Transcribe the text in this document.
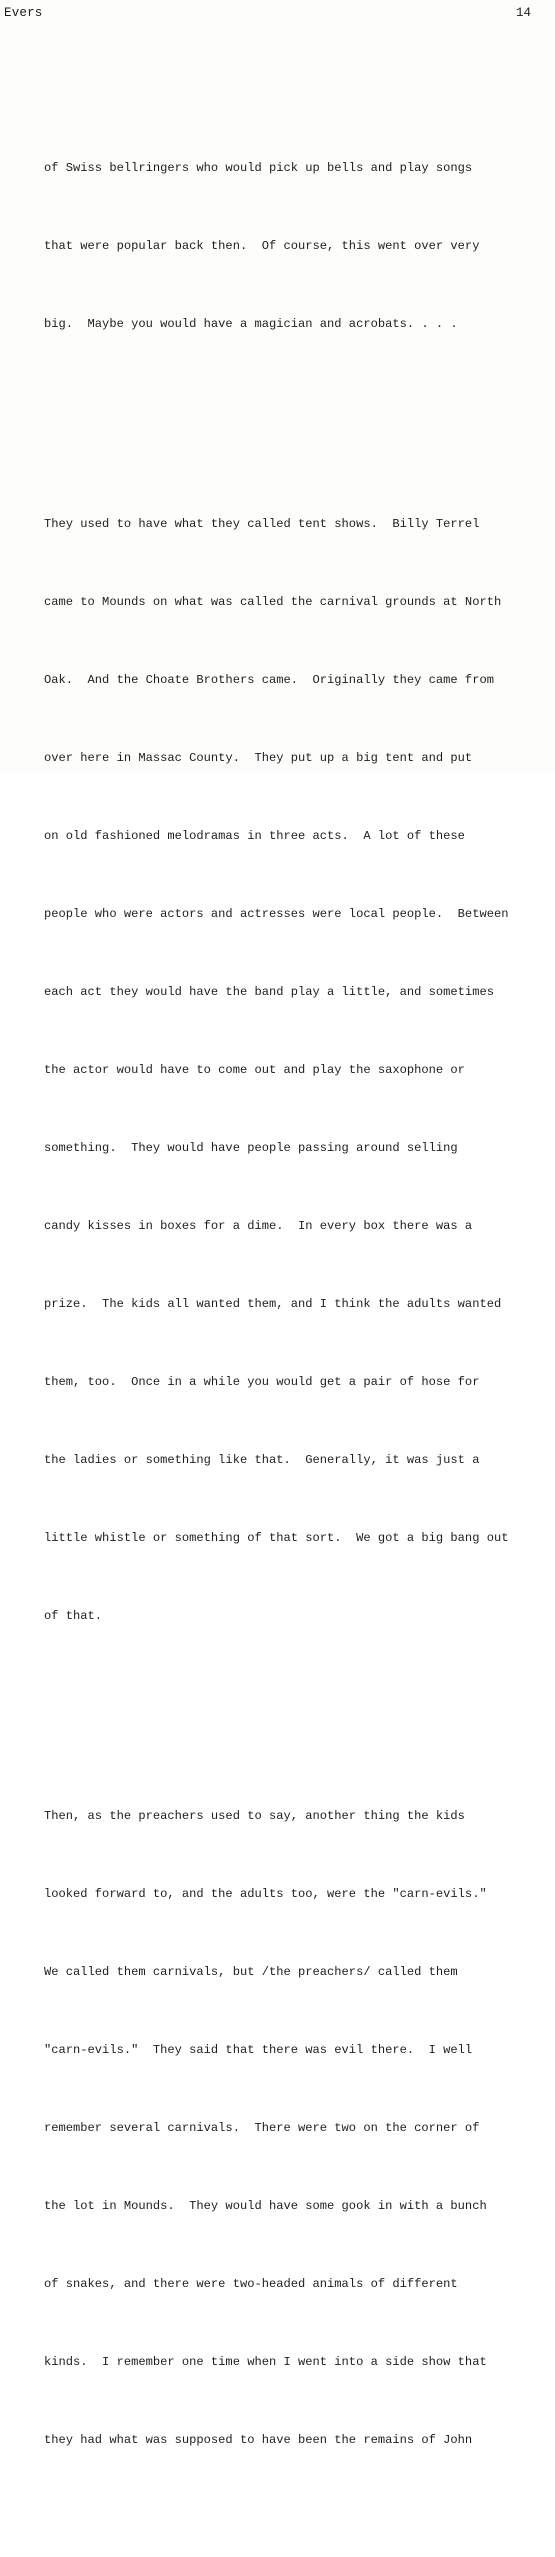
Evers	14

of Swiss bellringers who would pick up bells and play songs

that were popular back then.  Of course, this went over very

big.  Maybe you would have a magician and acrobats. . . .

They used to have what they called tent shows.  Billy Terrel

came to Mounds on what was called the carnival grounds at North

Oak.  And the Choate Brothers came.  Originally they came from

over here in Massac County.  They put up a big tent and put

on old fashioned melodramas in three acts.  A lot of these

people who were actors and actresses were local people.  Between

each act they would have the band play a little, and sometimes

the actor would have to come out and play the saxophone or

something.  They would have people passing around selling

candy kisses in boxes for a dime.  In every box there was a

prize.  The kids all wanted them, and I think the adults wanted

them, too.  Once in a while you would get a pair of hose for

the ladies or something like that.  Generally, it was just a

little whistle or something of that sort.  We got a big bang out

of that.

Then, as the preachers used to say, another thing the kids

looked forward to, and the adults too, were the "carn-evils."

We called them carnivals, but /the preachers/ called them

"carn-evils."  They said that there was evil there.  I well

remember several carnivals.  There were two on the corner of

the lot in Mounds.  They would have some gook in with a bunch

of snakes, and there were two-headed animals of different

kinds.  I remember one time when I went into a side show that

they had what was supposed to have been the remains of John
